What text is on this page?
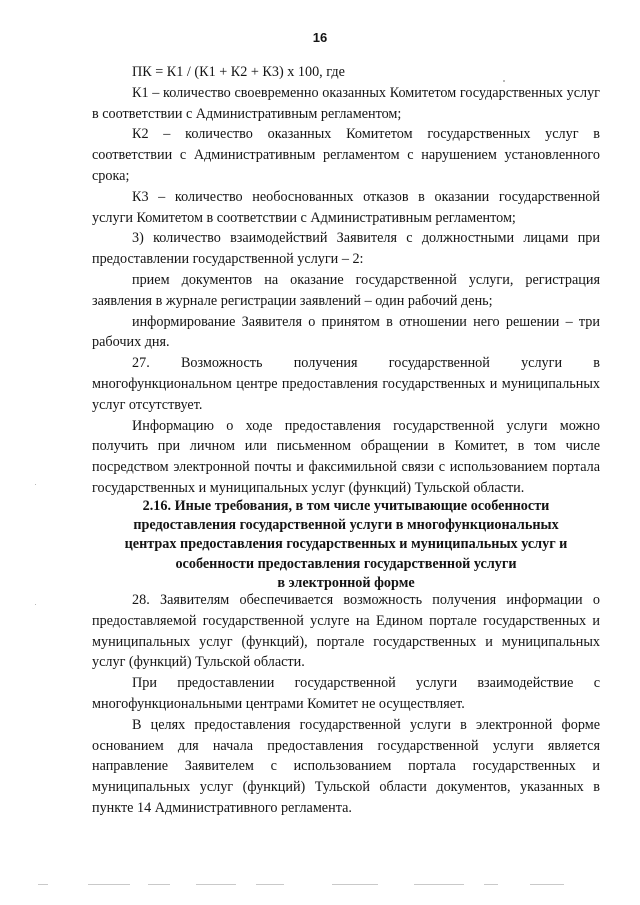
16

ПК = К1 / (К1 + К2 + К3) х 100, где

К1 – количество своевременно оказанных Комитетом государственных услуг в соответствии с Административным регламентом;

К2 – количество оказанных Комитетом государственных услуг в соответствии с Административным регламентом с нарушением установленного срока;

К3 – количество необоснованных отказов в оказании государственной услуги Комитетом в соответствии с Административным регламентом;

3) количество взаимодействий Заявителя с должностными лицами при предоставлении государственной услуги – 2:

прием документов на оказание государственной услуги, регистрация заявления в журнале регистрации заявлений – один рабочий день;

информирование Заявителя о принятом в отношении него решении – три рабочих дня.

27. Возможность получения государственной услуги в многофункциональном центре предоставления государственных и муниципальных услуг отсутствует.

Информацию о ходе предоставления государственной услуги можно получить при личном или письменном обращении в Комитет, в том числе посредством электронной почты и факсимильной связи с использованием портала государственных и муниципальных услуг (функций) Тульской области.

2.16. Иные требования, в том числе учитывающие особенности
предоставления государственной услуги в многофункциональных
центрах предоставления государственных и муниципальных услуг и
особенности предоставления государственной услуги
в электронной форме

28. Заявителям обеспечивается возможность получения информации о предоставляемой государственной услуге на Едином портале государственных и муниципальных услуг (функций), портале государственных и муниципальных услуг (функций) Тульской области.

При предоставлении государственной услуги взаимодействие с многофункциональными центрами Комитет не осуществляет.

В целях предоставления государственной услуги в электронной форме основанием для начала предоставления государственной услуги является направление Заявителем с использованием портала государственных и муниципальных услуг (функций) Тульской области документов, указанных в пункте 14 Административного регламента.
